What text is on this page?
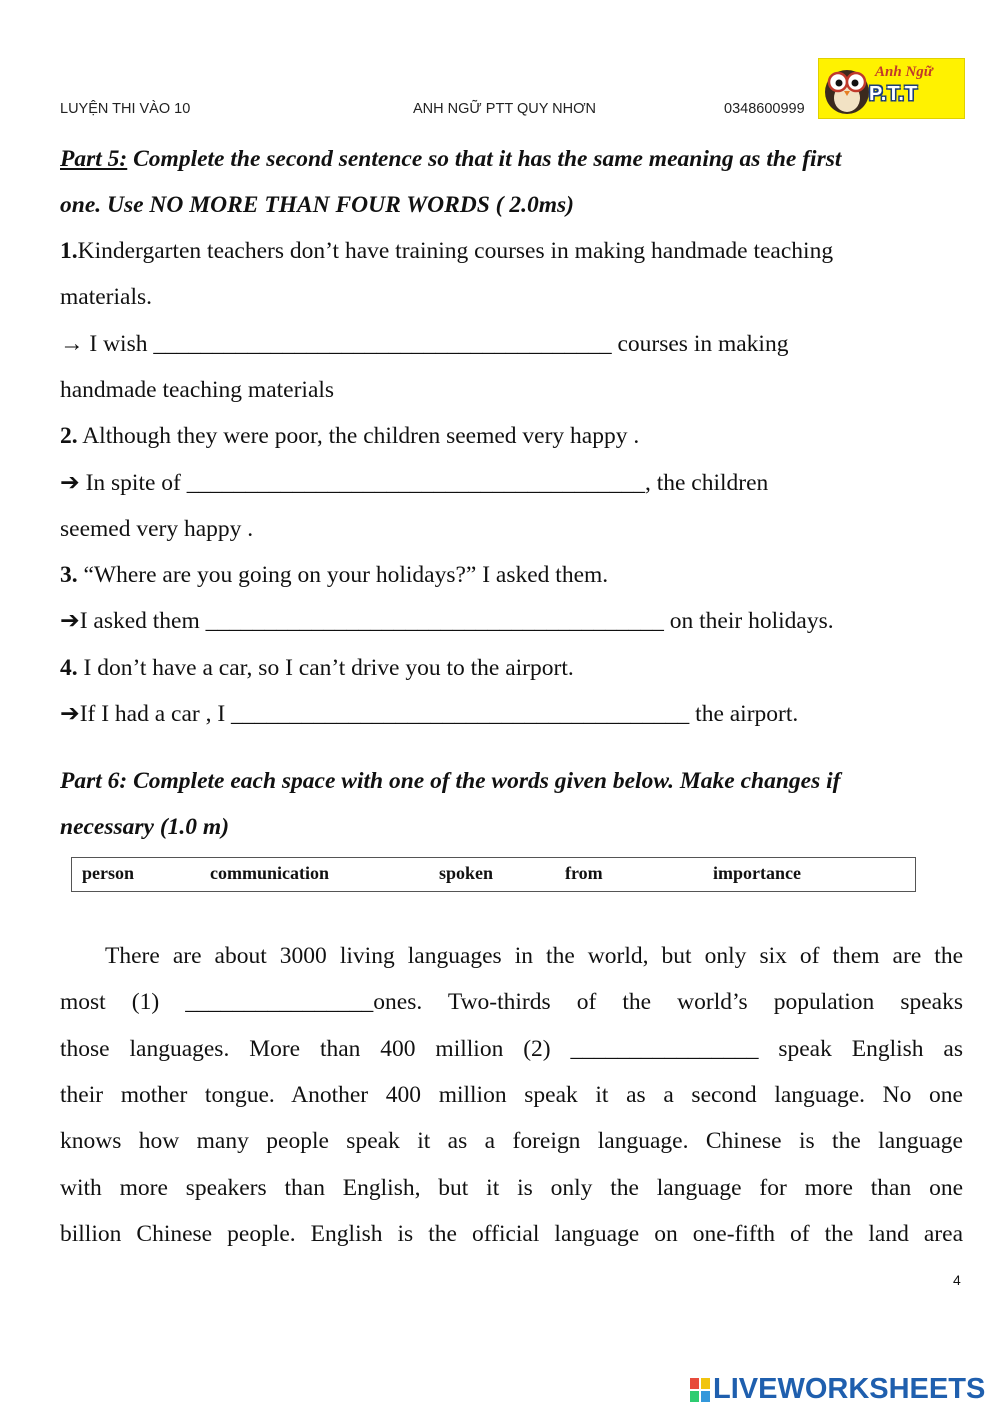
LUYỆN THI VÀO 10	ANH NGỮ PTT QUY NHƠN	0348600999
Anh Ngữ
P.T.T
Part 5: Complete the second sentence so that it has the same meaning as the first
one. Use NO MORE THAN FOUR WORDS ( 2.0ms)
1.Kindergarten teachers don’t have training courses in making handmade teaching
materials.
→ I wish _______________________________________ courses in making
handmade teaching materials
2. Although they were poor, the children seemed very happy .
➔ In spite of _______________________________________, the children
seemed very happy .
3. “Where are you going on your holidays?” I asked them.
➔I asked them _______________________________________ on their holidays.
4. I don’t have a car, so I can’t drive you to the airport.
➔If I had a car , I _______________________________________ the airport.
Part 6: Complete each space with one of the words given below. Make changes if
necessary (1.0 m)
person	communication	spoken	from	importance
There are about 3000 living languages in the world, but only six of them are the
most (1) ________________ones. Two-thirds of the world’s population speaks
those languages. More than 400 million (2) ________________ speak English as
their mother tongue. Another 400 million speak it as a second language. No one
knows how many people speak it as a foreign language. Chinese is the language
with more speakers than English, but it is only the language for more than one
billion Chinese people. English is the official language on one-fifth of the land area
4
LIVEWORKSHEETS
